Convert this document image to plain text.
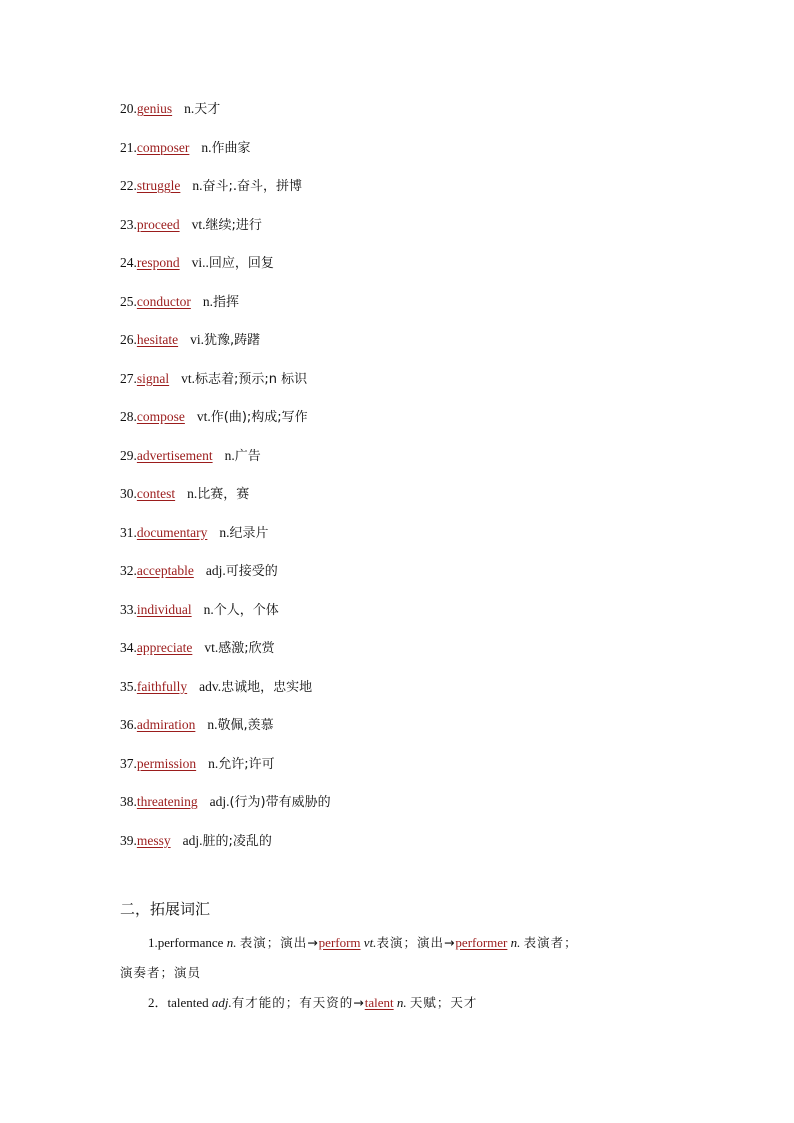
20.genius n.天才
21.composer n.作曲家
22.struggle n.奋斗;.奋斗，拼博
23.proceed vt.继续;进行
24.respond vi..回应，回复
25.conductor n.指挥
26.hesitate vi.犹豫,踌躇
27.signal vt.标志着;预示;n 标识
28.compose vt.作(曲);构成;写作
29.advertisement n.广告
30.contest n.比赛，赛
31.documentary n.纪录片
32.acceptable adj.可接受的
33.individual n.个人，个体
34.appreciate vt.感激;欣赏
35.faithfully adv.忠诚地，忠实地
36.admiration n.敬佩,羡慕
37.permission n.允许;许可
38.threatening adj.(行为)带有威胁的
39.messy adj.脏的;凌乱的
二，拓展词汇
1.performance n. 表演；演出→perform vt.表演；演出→performer n. 表演者；
演奏者；演员
2．talented adj.有才能的；有天资的→talent n. 天赋；天才
